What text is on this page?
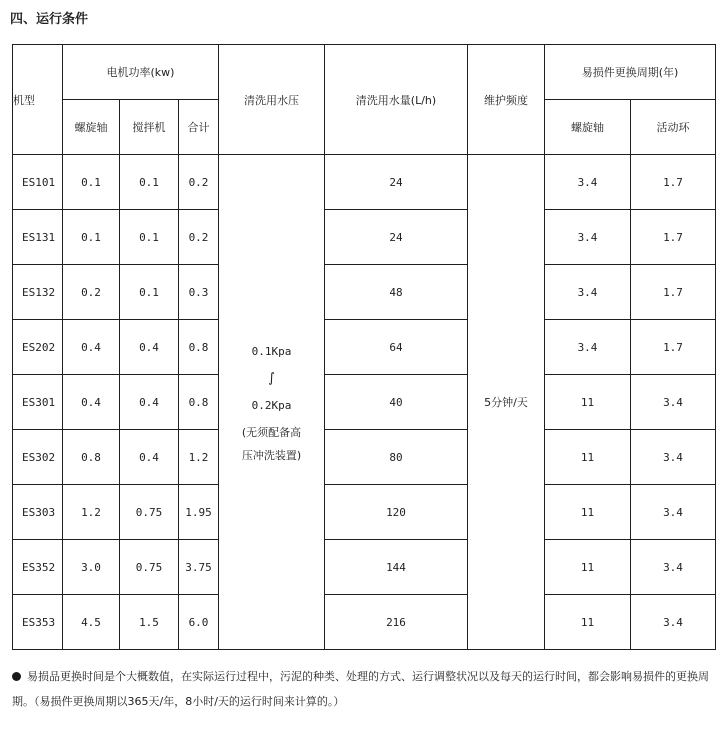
四、运行条件
机型	电机功率(kw)			清洗用水压	清洗用水量(L/h)	维护频度	易损件更换周期(年)	
	螺旋轴	搅拌机	合计				螺旋轴	活动环
ES101	0.1	0.1	0.2	0.1Kpa
∫
0.2Kpa
(无须配备高
压冲洗装置)	24	5分钟/天	3.4	1.7
ES131	0.1	0.1	0.2		24		3.4	1.7
ES132	0.2	0.1	0.3		48		3.4	1.7
ES202	0.4	0.4	0.8		64		3.4	1.7
ES301	0.4	0.4	0.8		40		11	3.4
ES302	0.8	0.4	1.2		80		11	3.4
ES303	1.2	0.75	1.95		120		11	3.4
ES352	3.0	0.75	3.75		144		11	3.4
ES353	4.5	1.5	6.0		216		11	3.4

易损品更换时间是个大概数值，在实际运行过程中，污泥的种类、处理的方式、运行调整状况以及每天的运行时间，都会影响易损件的更换周期。（易损件更换周期以365天/年，8小时/天的运行时间来计算的。）
